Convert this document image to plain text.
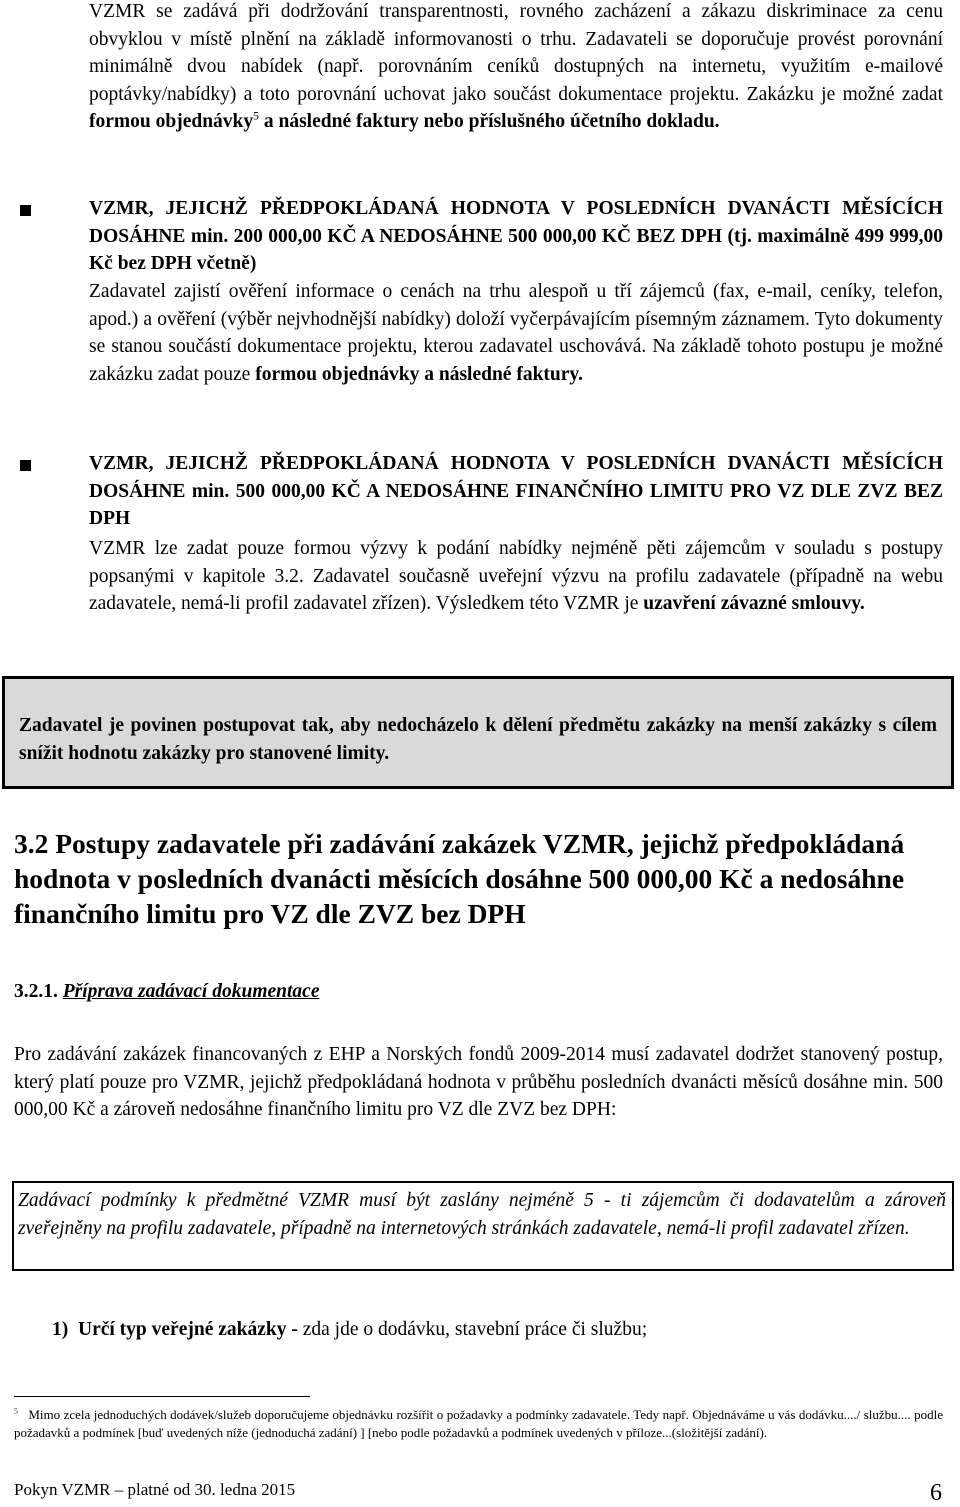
VZMR se zadává při dodržování transparentnosti, rovného zacházení a zákazu diskriminace za cenu obvyklou v místě plnění na základě informovanosti o trhu. Zadavateli se doporučuje provést porovnání minimálně dvou nabídek (např. porovnáním ceníků dostupných na internetu, využitím e-mailové poptávky/nabídky) a toto porovnání uchovat jako součást dokumentace projektu. Zakázku je možné zadat formou objednávky$^5$ a následné faktury nebo příslušného účetního dokladu.

VZMR, JEJICHŽ PŘEDPOKLÁDANÁ HODNOTA V POSLEDNÍCH DVANÁCTI MĚSÍCÍCH DOSÁHNE min. 200 000,00 KČ A NEDOSÁHNE 500 000,00 KČ BEZ DPH (tj. maximálně 499 999,00 Kč bez DPH včetně)

Zadavatel zajistí ověření informace o cenách na trhu alespoň u tří zájemců (fax, e-mail, ceníky, telefon, apod.) a ověření (výběr nejvhodnější nabídky) doloží vyčerpávajícím písemným záznamem. Tyto dokumenty se stanou součástí dokumentace projektu, kterou zadavatel uschovává. Na základě tohoto postupu je možné zakázku zadat pouze formou objednávky a následné faktury.

VZMR, JEJICHŽ PŘEDPOKLÁDANÁ HODNOTA V POSLEDNÍCH DVANÁCTI MĚSÍCÍCH DOSÁHNE min. 500 000,00 KČ A NEDOSÁHNE FINANČNÍHO LIMITU PRO VZ DLE ZVZ BEZ DPH

VZMR lze zadat pouze formou výzvy k podání nabídky nejméně pěti zájemcům v souladu s postupy popsanými v kapitole 3.2. Zadavatel současně uveřejní výzvu na profilu zadavatele (případně na webu zadavatele, nemá-li profil zadavatel zřízen). Výsledkem této VZMR je uzavření závazné smlouvy.

Zadavatel je povinen postupovat tak, aby nedocházelo k dělení předmětu zakázky na menší zakázky s cílem snížit hodnotu zakázky pro stanovené limity.
3.2 Postupy zadavatele při zadávání zakázek VZMR, jejichž předpokládaná hodnota v posledních dvanácti měsících dosáhne 500 000,00 Kč a nedosáhne finančního limitu pro VZ dle ZVZ bez DPH
3.2.1. Příprava zadávací dokumentace

Pro zadávání zakázek financovaných z EHP a Norských fondů 2009-2014 musí zadavatel dodržet stanovený postup, který platí pouze pro VZMR, jejichž předpokládaná hodnota v průběhu posledních dvanácti měsíců dosáhne min. 500 000,00 Kč a zároveň nedosáhne finančního limitu pro VZ dle ZVZ bez DPH:

Zadávací podmínky k předmětné VZMR musí být zaslány nejméně 5 - ti zájemcům či dodavatelům a zároveň zveřejněny na profilu zadavatele, případně na internetových stránkách zadavatele, nemá-li profil zadavatel zřízen.

1) Určí typ veřejné zakázky - zda jde o dodávku, stavební práce či službu;

$^5$ Mimo zcela jednoduchých dodávek/služeb doporučujeme objednávku rozšířit o požadavky a podmínky zadavatele. Tedy např. Objednáváme u vás dodávku..../ službu.... podle požadavků a podmínek [buď uvedených níže (jednoduchá zadání) ] [nebo podle požadavků a podmínek uvedených v příloze...(složitější zadání).

Pokyn VZMR – platné od 30. ledna 2015	6
